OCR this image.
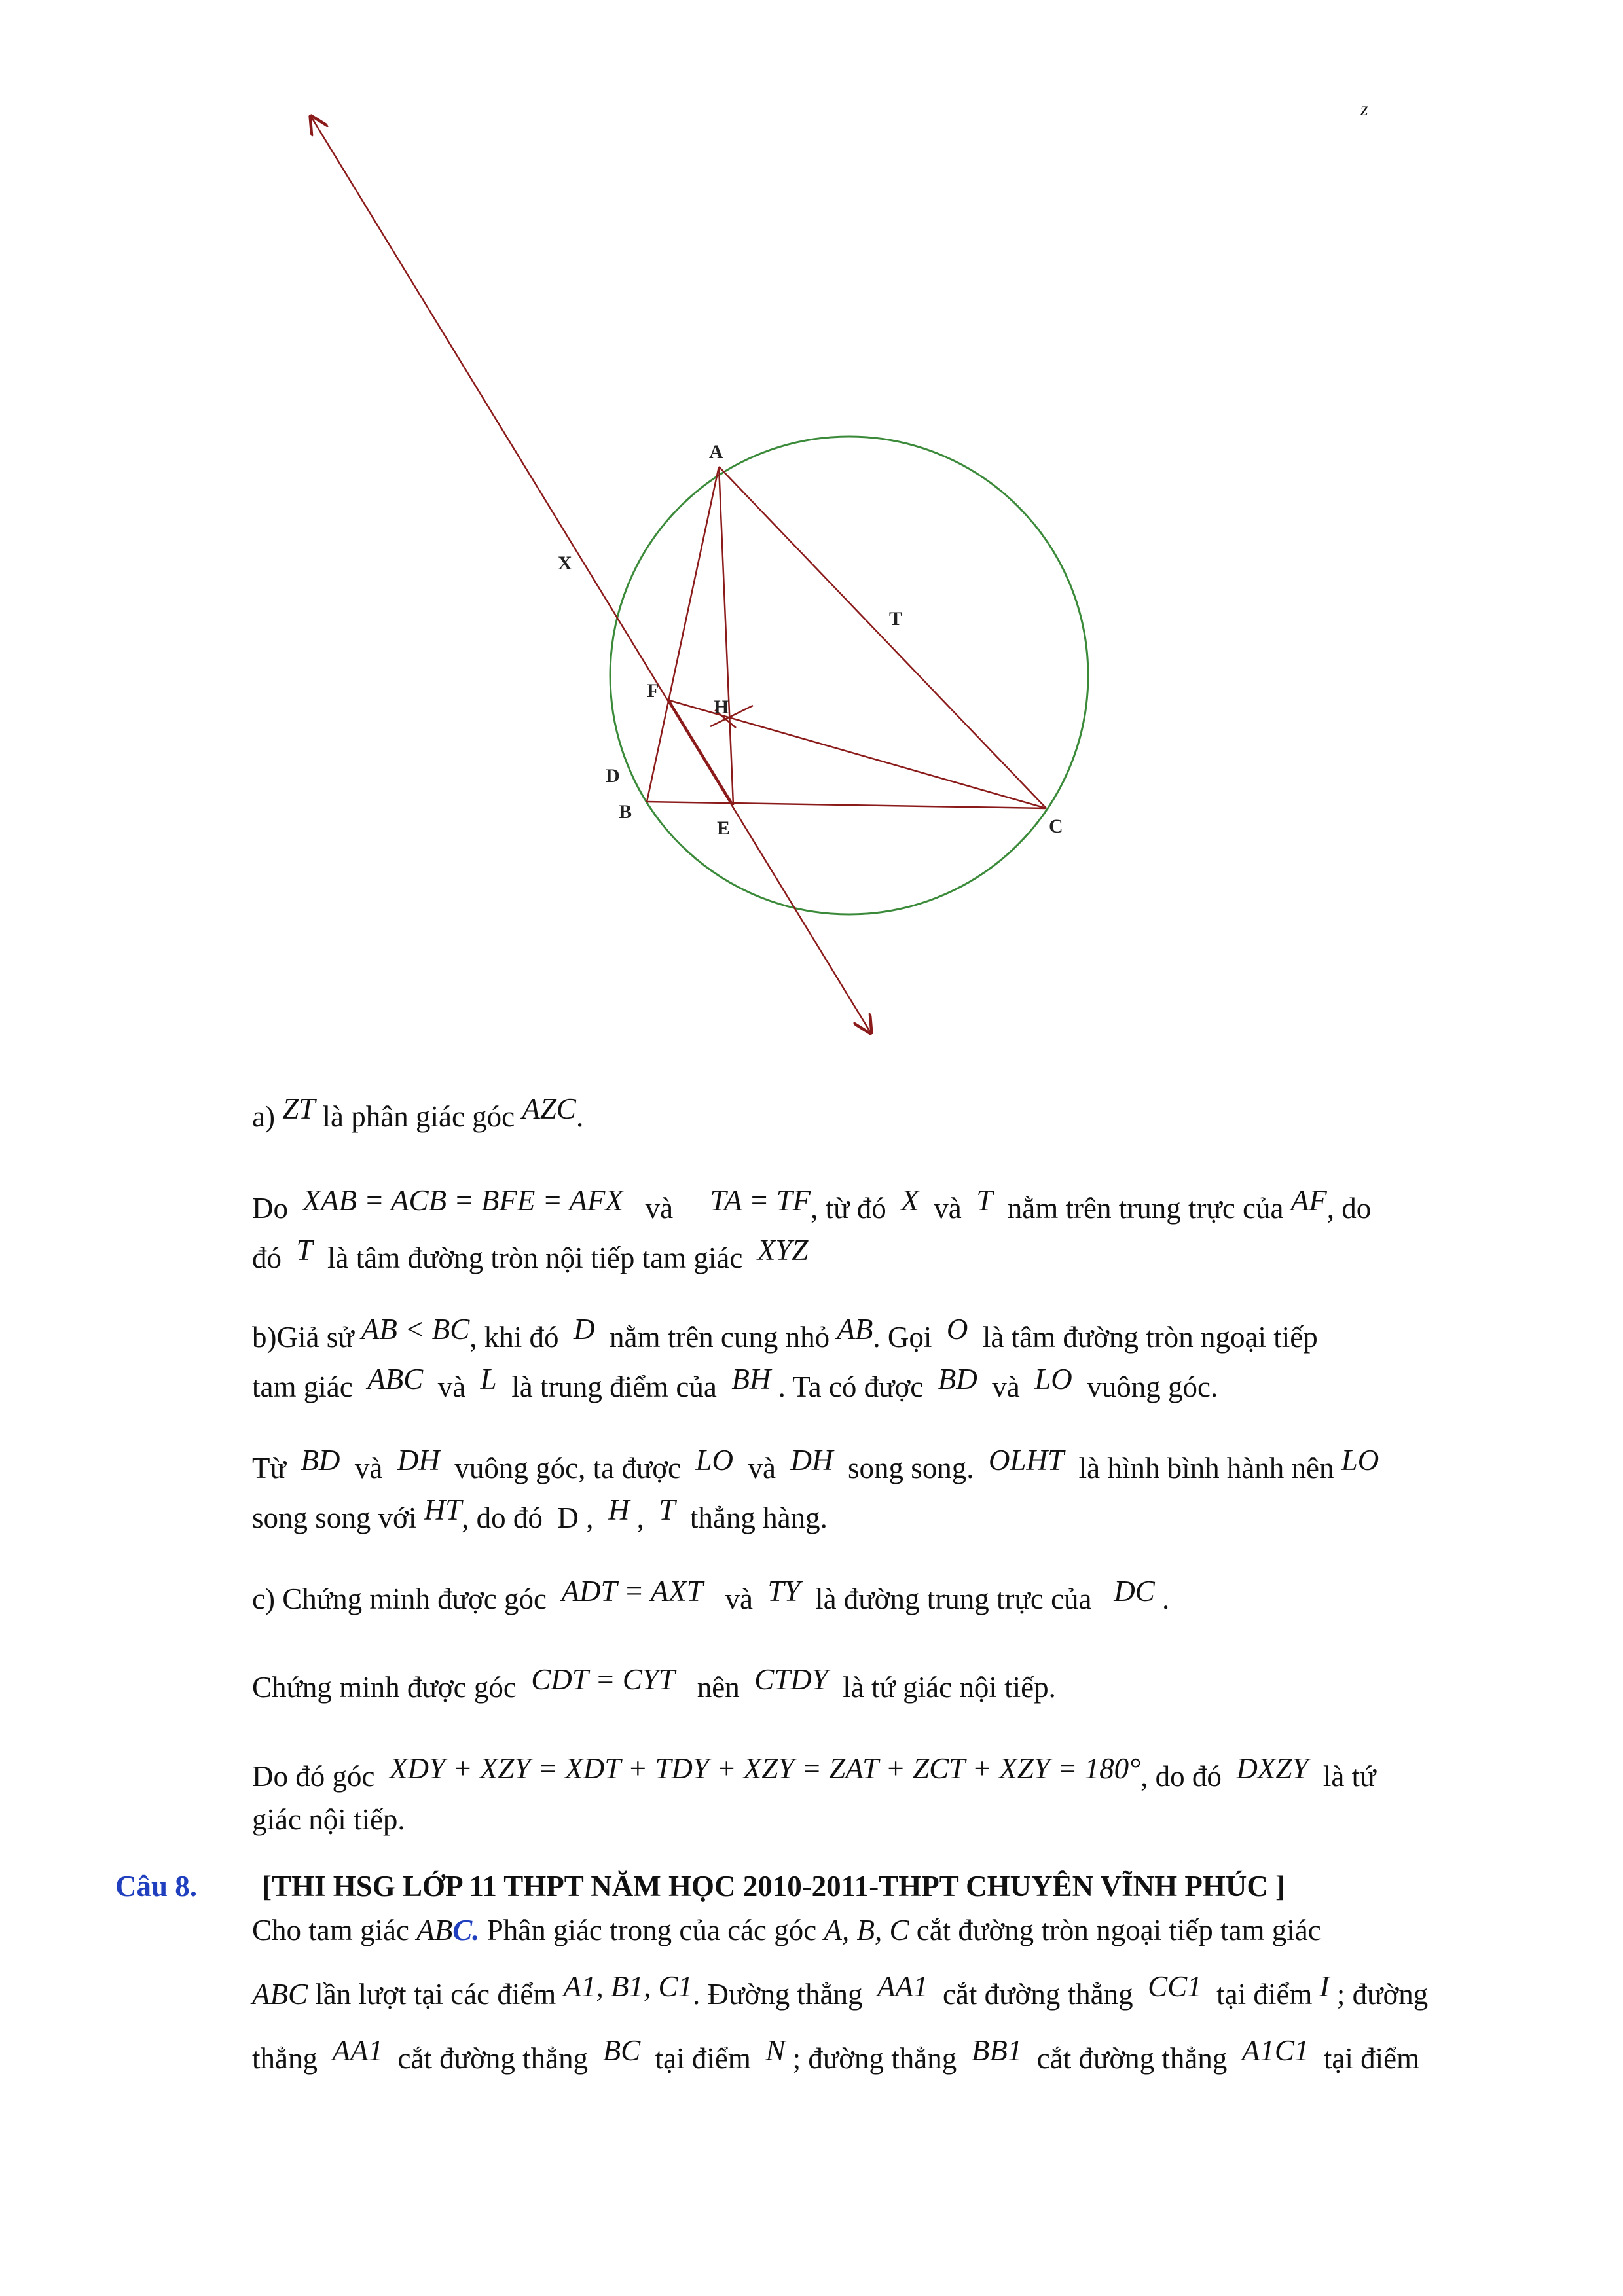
A
X
T
F
H
D
B
E	C
z
a) ZT là phân giác góc AZC.
Do XAB = ACB = BFE = AFX và TA = TF, từ đó X và T nằm trên trung trực của AF, do
đó T là tâm đường tròn nội tiếp tam giác XYZ
b)Giả sử AB < BC, khi đó D nằm trên cung nhỏ AB. Gọi O là tâm đường tròn ngoại tiếp
tam giác ABC và L là trung điểm của BH . Ta có được BD và LO vuông góc.
Từ BD và DH vuông góc, ta được LO và DH song song. OLHT là hình bình hành nên LO
song song với HT, do đó D , H , T thẳng hàng.
c) Chứng minh được góc ADT = AXT và TY là đường trung trực của DC .
Chứng minh được góc CDT = CYT nên CTDY là tứ giác nội tiếp.
Do đó góc XDY + XZY = XDT + TDY + XZY = ZAT + ZCT + XZY = 180°, do đó DXZY là tứ
giác nội tiếp.
Câu 8. [THI HSG LỚP 11 THPT NĂM HỌC 2010-2011-THPT CHUYÊN VĨNH PHÚC ]
Cho tam giác ABC. Phân giác trong của các góc A, B, C cắt đường tròn ngoại tiếp tam giác
ABC lần lượt tại các điểm A1, B1, C1. Đường thẳng AA1 cắt đường thẳng CC1 tại điểm I ; đường
thẳng AA1 cắt đường thẳng BC tại điểm N ; đường thẳng BB1 cắt đường thẳng A1C1 tại điểm
